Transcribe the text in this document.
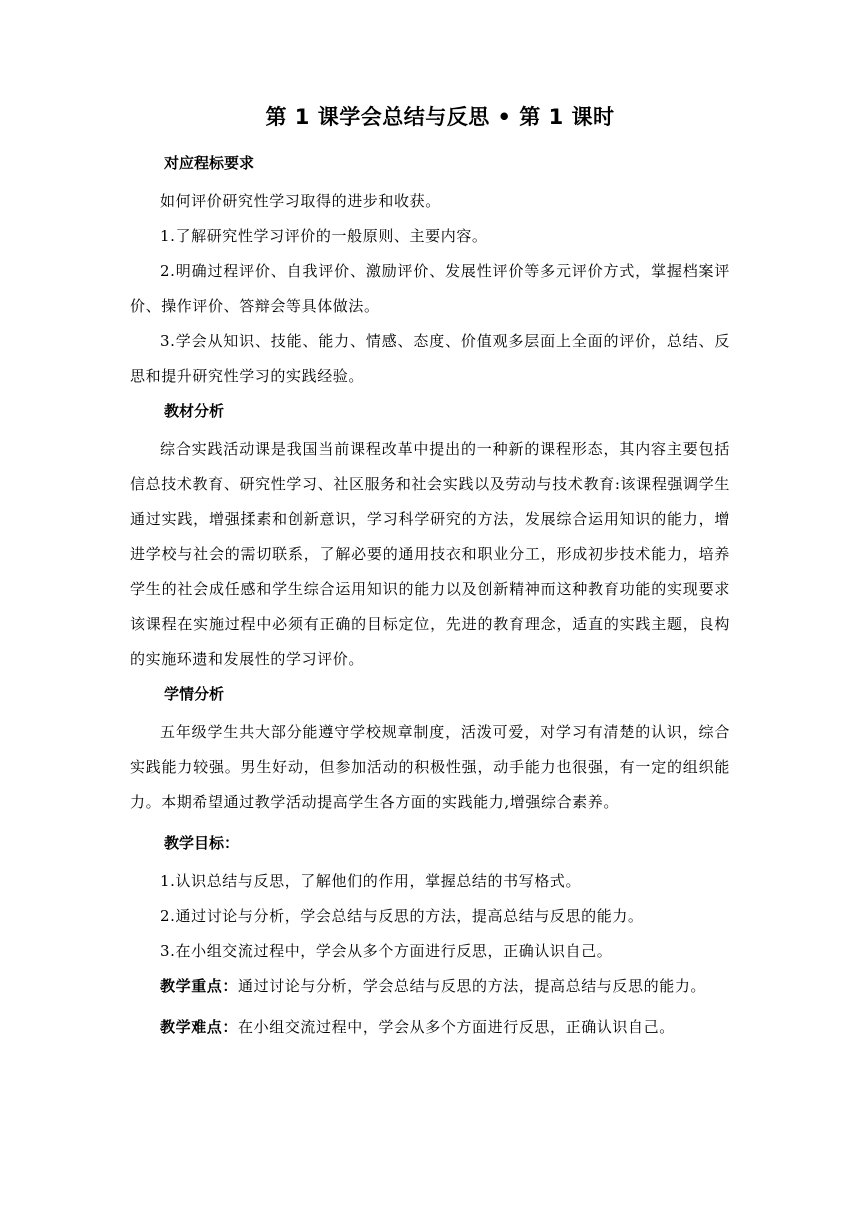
第 1 课学会总结与反思 • 第 1 课时
对应程标要求

如何评价研究性学习取得的进步和收获。

1.了解研究性学习评价的一般原则、主要内容。

2.明确过程评价、自我评价、激励评价、发展性评价等多元评价方式，掌握档案评价、操作评价、答辩会等具体做法。

3.学会从知识、技能、能力、情感、态度、价值观多层面上全面的评价，总结、反思和提升研究性学习的实践经验。

教材分析

综合实践活动课是我国当前课程改革中提出的一种新的课程形态，其内容主要包括信总技术教育、研究性学习、社区服务和社会实践以及劳动与技术教育:该课程强调学生通过实践，增强揉素和创新意识，学习科学研究的方法，发展综合运用知识的能力，增进学校与社会的需切联系，了解必要的通用技衣和职业分工，形成初步技术能力，培养学生的社会成任感和学生综合运用知识的能力以及创新精神而这种教育功能的实现要求该课程在实施过程中必须有正确的目标定位，先进的教育理念，适直的实践主题，良构的实施环遗和发展性的学习评价。

学情分析

五年级学生共大部分能遵守学校规章制度，活泼可爱，对学习有清楚的认识，综合实践能力较强。男生好动，但参加活动的积极性强，动手能力也很强，有一定的组织能力。本期希望通过教学活动提高学生各方面的实践能力,增强综合素养。

教学目标：

1.认识总结与反思，了解他们的作用，掌握总结的书写格式。

2.通过讨论与分析，学会总结与反思的方法，提高总结与反思的能力。

3.在小组交流过程中，学会从多个方面进行反思，正确认识自己。

教学重点：通过讨论与分析，学会总结与反思的方法，提高总结与反思的能力。

教学难点：在小组交流过程中，学会从多个方面进行反思，正确认识自己。
